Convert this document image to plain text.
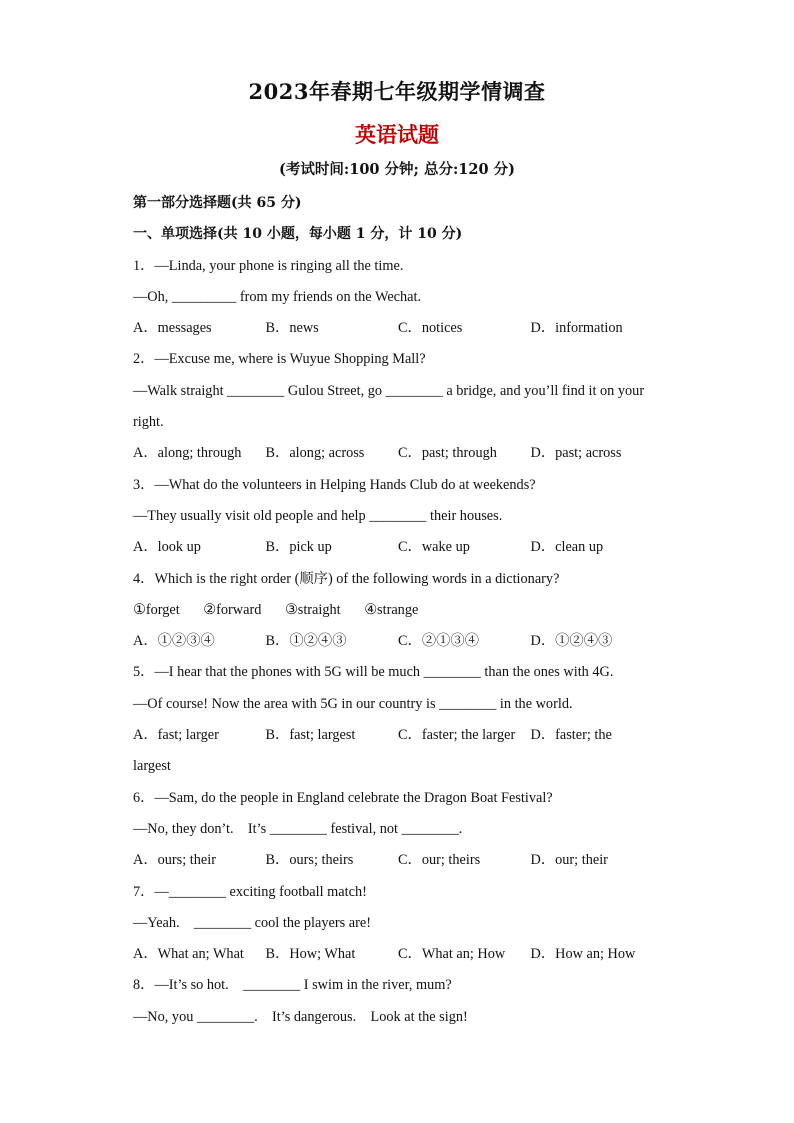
2023年春期七年级期学情调查
英语试题
(考试时间:100 分钟; 总分:120 分)
第一部分选择题(共 65 分)
一、单项选择(共 10 小题，每小题 1 分，计 10 分)
1．—Linda, your phone is ringing all the time.
—Oh, _________ from my friends on the Wechat.
A．messages	B．news	C．notices	D．information
2．—Excuse me, where is Wuyue Shopping Mall?
—Walk straight ________ Gulou Street, go ________ a bridge, and you’ll find it on your
right.
A．along; through	B．along; across	C．past; through	D．past; across
3．—What do the volunteers in Helping Hands Club do at weekends?
—They usually visit old people and help ________ their houses.
A．look up	B．pick up	C．wake up	D．clean up
4．Which is the right order (顺序) of the following words in a dictionary?
①forget ②forward ③straight ④strange
A．①②③④	B．①②④③	C．②①③④	D．①②④③
5．—I hear that the phones with 5G will be much ________ than the ones with 4G.
—Of course! Now the area with 5G in our country is ________ in the world.
A．fast; larger	B．fast; largest	C．faster; the larger	D．faster; the
largest
6．—Sam, do the people in England celebrate the Dragon Boat Festival?
—No, they don’t.　It’s ________ festival, not ________.
A．ours; their	B．ours; theirs	C．our; theirs	D．our; their
7．—________ exciting football match!
—Yeah.　________ cool the players are!
A．What an; What	B．How; What	C．What an; How	D．How an; How
8．—It’s so hot.　________ I swim in the river, mum?
—No, you ________.　It’s dangerous.　Look at the sign!
